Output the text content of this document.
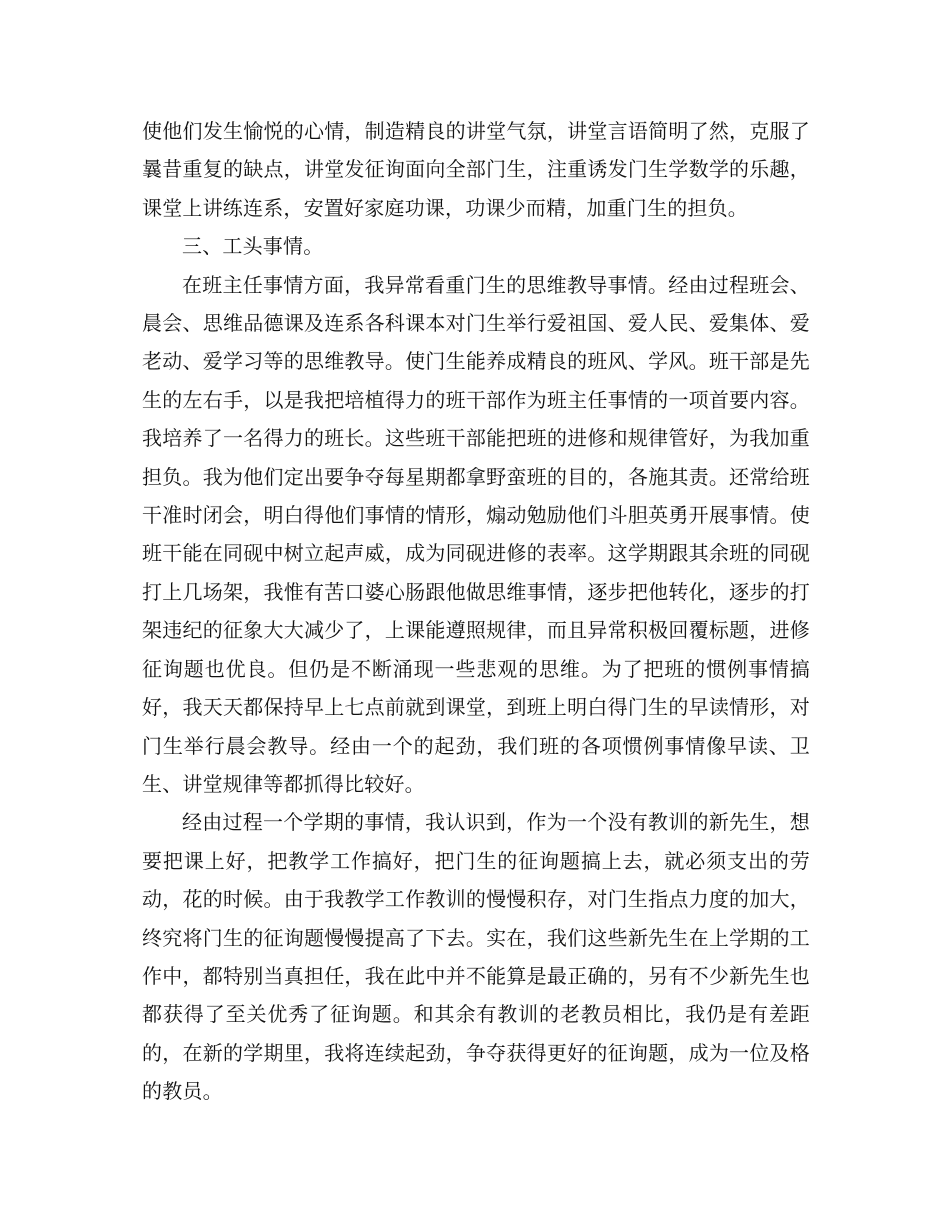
使他们发生愉悦的心情，制造精良的讲堂气氛，讲堂言语简明了然，克服了曩昔重复的缺点，讲堂发征询面向全部门生，注重诱发门生学数学的乐趣，课堂上讲练连系，安置好家庭功课，功课少而精，加重门生的担负。

三、工头事情。

在班主任事情方面，我异常看重门生的思维教导事情。经由过程班会、晨会、思维品德课及连系各科课本对门生举行爱祖国、爱人民、爱集体、爱老动、爱学习等的思维教导。使门生能养成精良的班风、学风。班干部是先生的左右手，以是我把培植得力的班干部作为班主任事情的一项首要内容。我培养了一名得力的班长。这些班干部能把班的进修和规律管好，为我加重担负。我为他们定出要争夺每星期都拿野蛮班的目的，各施其责。还常给班干准时闭会，明白得他们事情的情形，煽动勉励他们斗胆英勇开展事情。使班干能在同砚中树立起声威，成为同砚进修的表率。这学期跟其余班的同砚打上几场架，我惟有苦口婆心肠跟他做思维事情，逐步把他转化，逐步的打架违纪的征象大大减少了，上课能遵照规律，而且异常积极回覆标题，进修征询题也优良。但仍是不断涌现一些悲观的思维。为了把班的惯例事情搞好，我天天都保持早上七点前就到课堂，到班上明白得门生的早读情形，对门生举行晨会教导。经由一个的起劲，我们班的各项惯例事情像早读、卫生、讲堂规律等都抓得比较好。

经由过程一个学期的事情，我认识到，作为一个没有教训的新先生，想要把课上好，把教学工作搞好，把门生的征询题搞上去，就必须支出的劳动，花的时候。由于我教学工作教训的慢慢积存，对门生指点力度的加大，终究将门生的征询题慢慢提高了下去。实在，我们这些新先生在上学期的工作中，都特别当真担任，我在此中并不能算是最正确的，另有不少新先生也都获得了至关优秀了征询题。和其余有教训的老教员相比，我仍是有差距的，在新的学期里，我将连续起劲，争夺获得更好的征询题，成为一位及格的教员。
